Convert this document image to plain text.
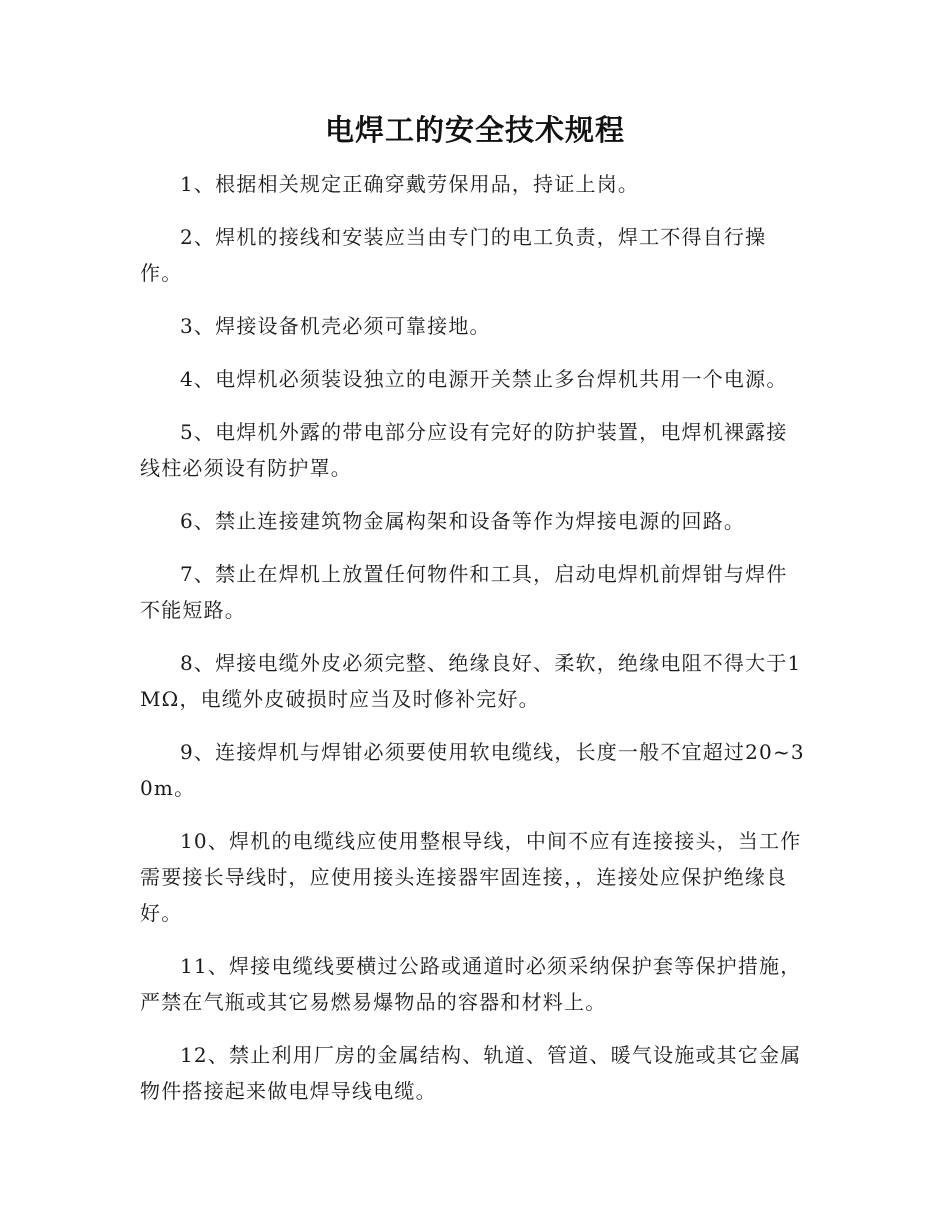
电焊工的安全技术规程

1、根据相关规定正确穿戴劳保用品，持证上岗。

2、焊机的接线和安装应当由专门的电工负责，焊工不得自行操作。

3、焊接设备机壳必须可靠接地。

4、电焊机必须装设独立的电源开关禁止多台焊机共用一个电源。

5、电焊机外露的带电部分应设有完好的防护装置，电焊机裸露接线柱必须设有防护罩。

6、禁止连接建筑物金属构架和设备等作为焊接电源的回路。

7、禁止在焊机上放置任何物件和工具，启动电焊机前焊钳与焊件不能短路。

8、焊接电缆外皮必须完整、绝缘良好、柔软，绝缘电阻不得大于1MΩ，电缆外皮破损时应当及时修补完好。

9、连接焊机与焊钳必须要使用软电缆线，长度一般不宜超过20~30m。

10、焊机的电缆线应使用整根导线，中间不应有连接接头，当工作需要接长导线时，应使用接头连接器牢固连接，，连接处应保护绝缘良好。

11、焊接电缆线要横过公路或通道时必须采纳保护套等保护措施，严禁在气瓶或其它易燃易爆物品的容器和材料上。

12、禁止利用厂房的金属结构、轨道、管道、暖气设施或其它金属物件搭接起来做电焊导线电缆。
